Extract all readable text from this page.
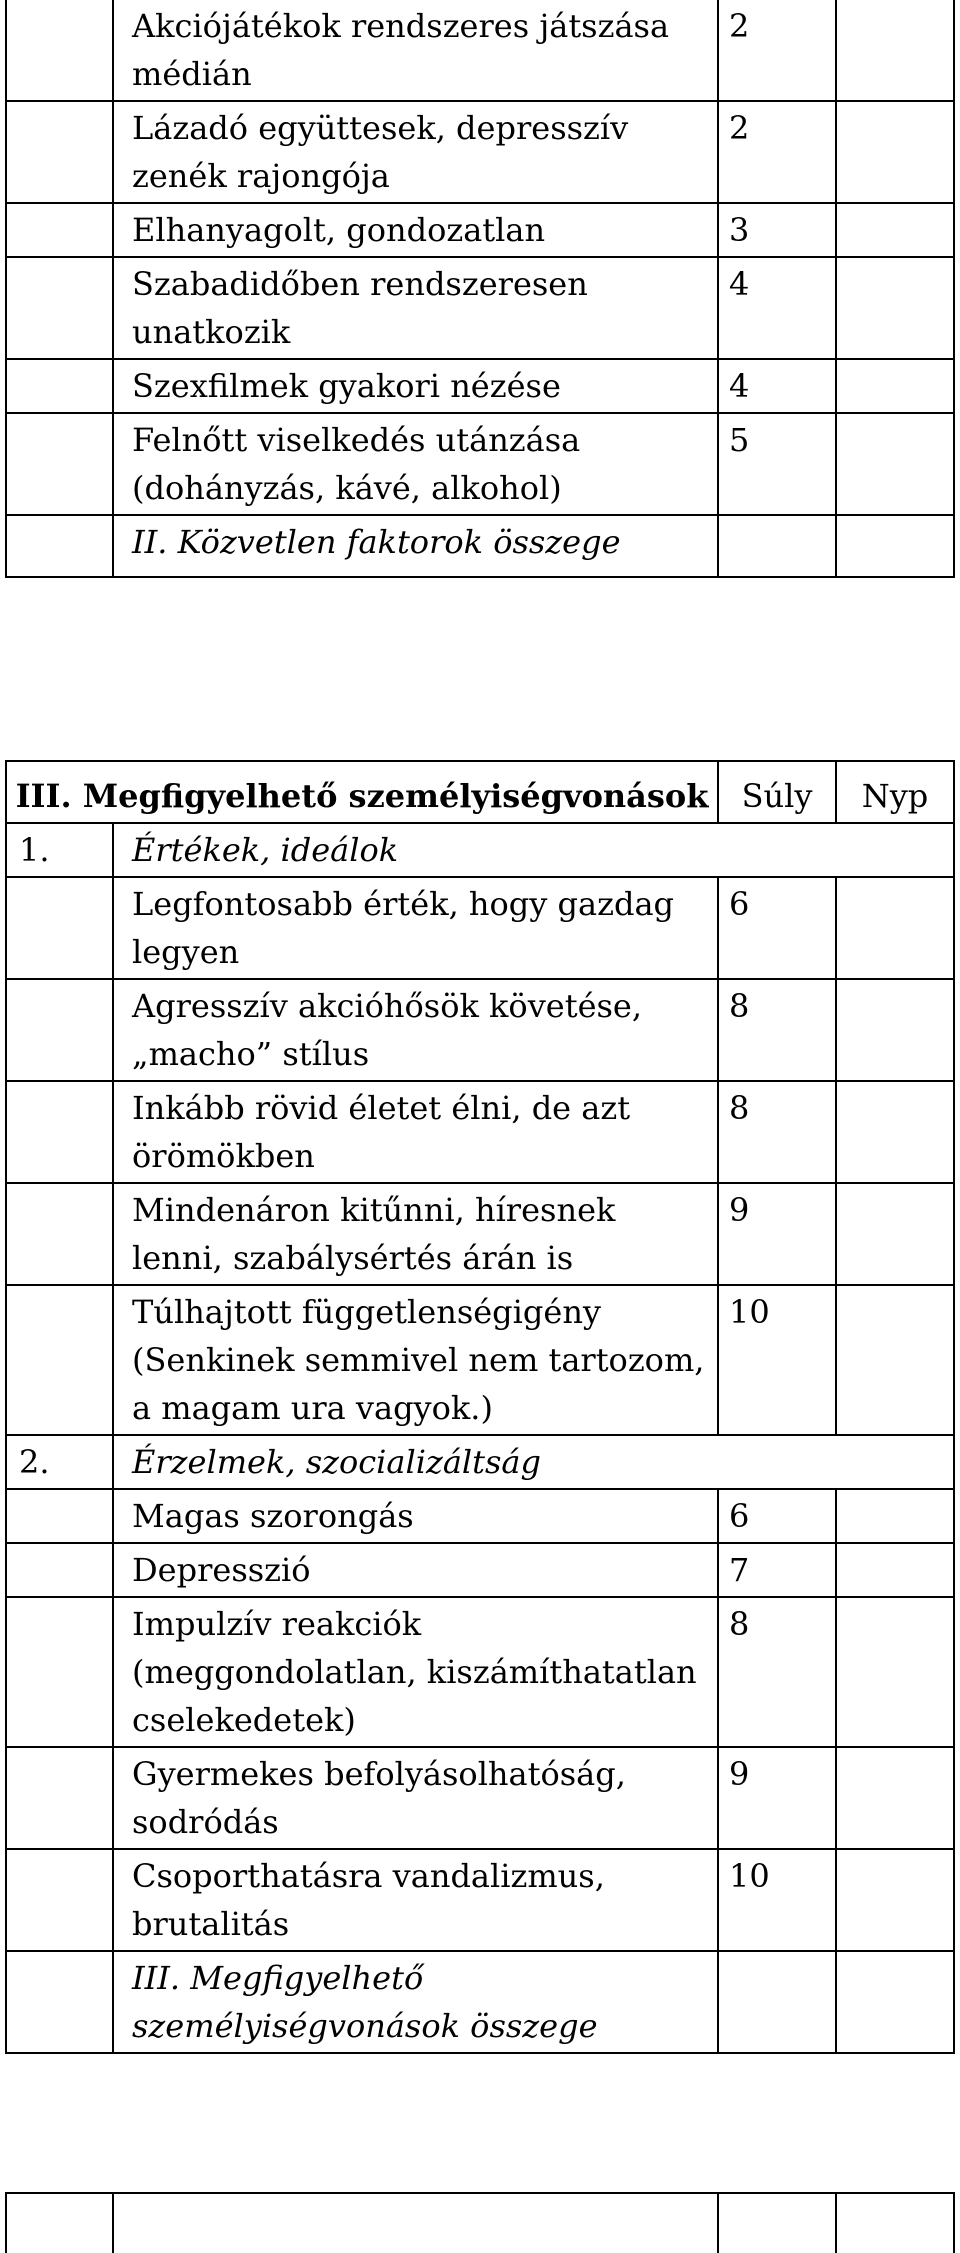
	Akciójátékok rendszeres játszása médián	2	
	Lázadó együttesek, depresszív zenék rajongója	2	
	Elhanyagolt, gondozatlan	3	
	Szabadidőben rendszeresen unatkozik	4	
	Szexfilmek gyakori nézése	4	
	Felnőtt viselkedés utánzása (dohányzás, kávé, alkohol)	5	
	II. Közvetlen faktorok összege		
III. Megfigyelhető személyiségvonások		Súly	Nyp
1.	Értékek, ideálok		
	Legfontosabb érték, hogy gazdag legyen	6	
	Agresszív akcióhősök követése, „macho” stílus	8	
	Inkább rövid életet élni, de azt örömökben	8	
	Mindenáron kitűnni, híresnek lenni, szabálysértés árán is	9	
	Túlhajtott függetlenségigény (Senkinek semmivel nem tartozom, a magam ura vagyok.)	10	
2.	Érzelmek, szocializáltság		
	Magas szorongás	6	
	Depresszió	7	
	Impulzív reakciók (meggondolatlan, kiszámíthatatlan cselekedetek)	8	
	Gyermekes befolyásolhatóság, sodródás	9	
	Csoporthatásra vandalizmus, brutalitás	10	
	III. Megfigyelhető személyiségvonások összege		
